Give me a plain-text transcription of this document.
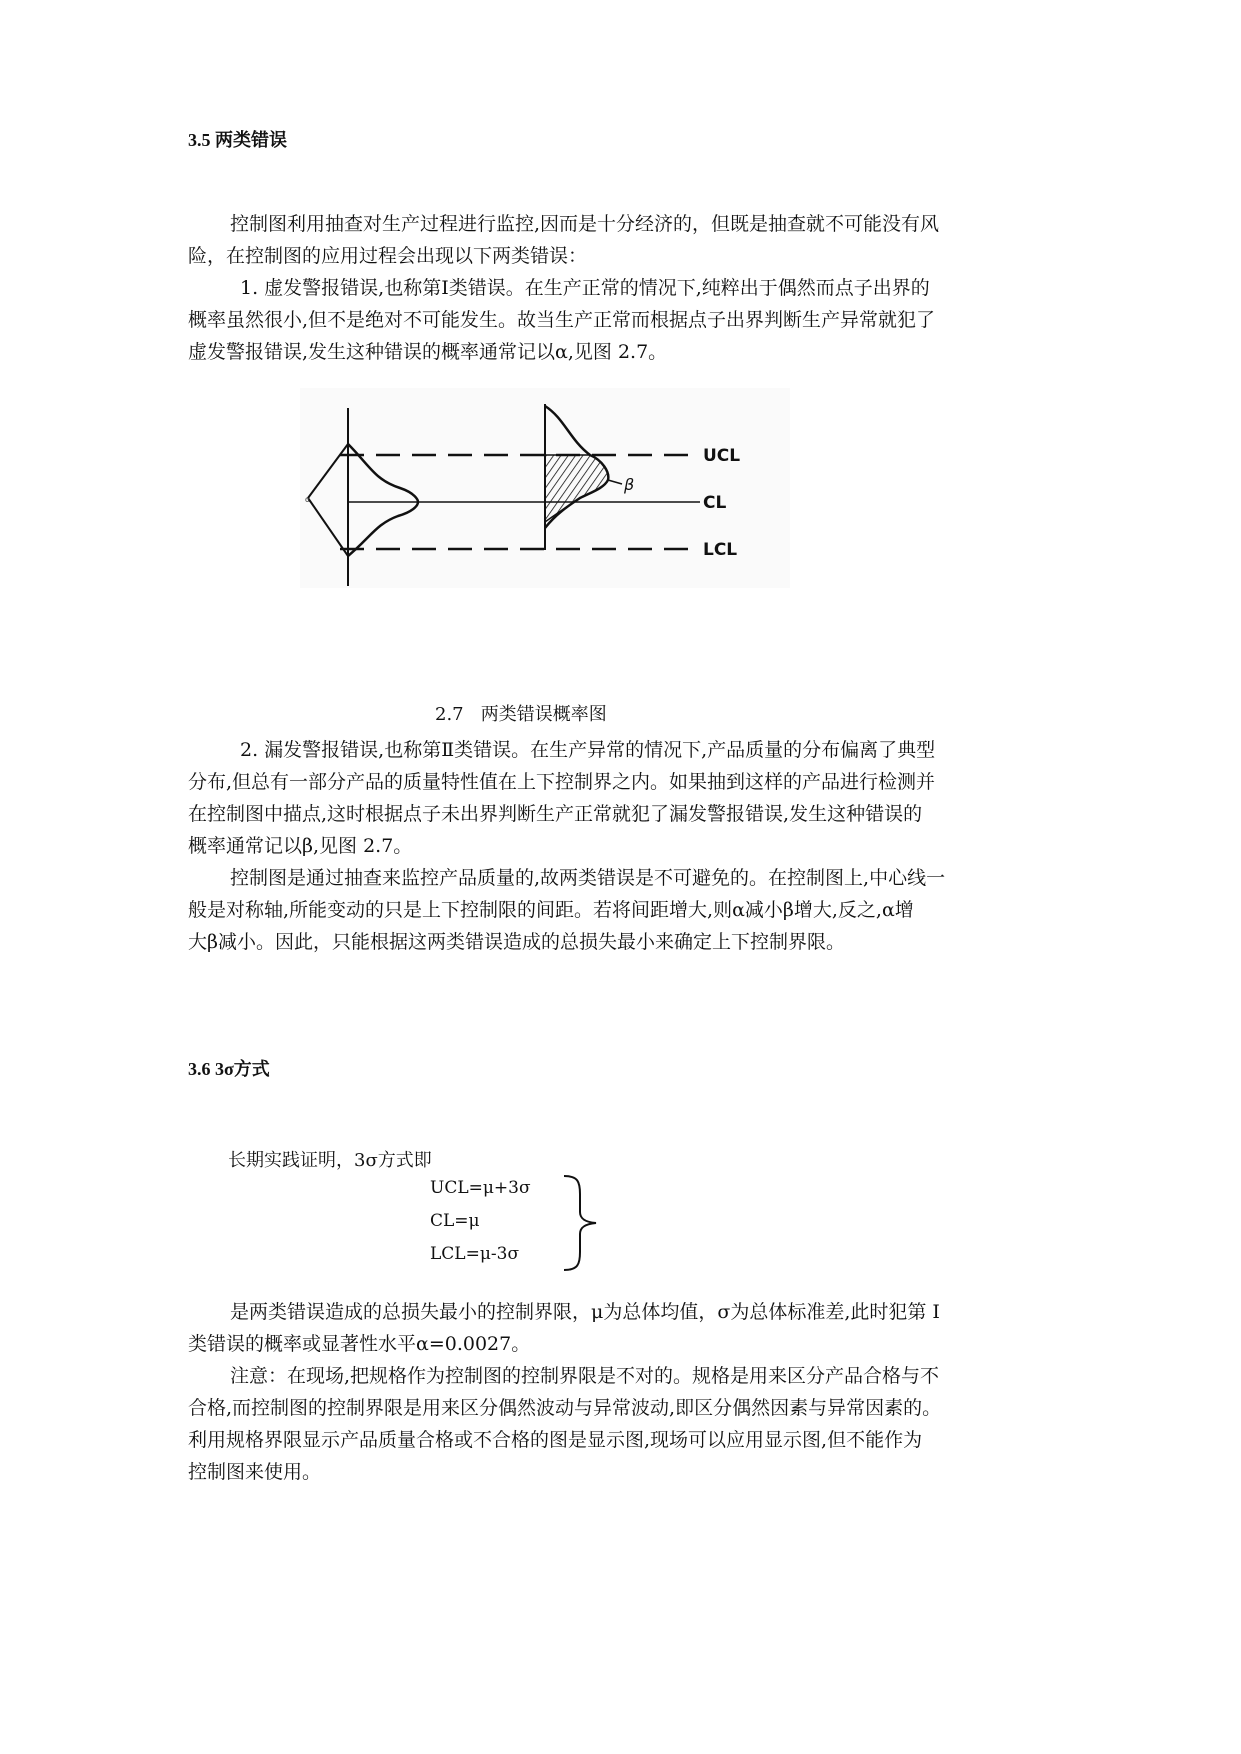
3.5 两类错误

控制图利用抽查对生产过程进行监控,因而是十分经济的，但既是抽查就不可能没有风
险，在控制图的应用过程会出现以下两类错误：
1. 虚发警报错误,也称第Ⅰ类错误。在生产正常的情况下,纯粹出于偶然而点子出界的
概率虽然很小,但不是绝对不可能发生。故当生产正常而根据点子出界判断生产异常就犯了
虚发警报错误,发生这种错误的概率通常记以α,见图 2.7。

α
β
UCL
CL
LCL
2.7   两类错误概率图

2. 漏发警报错误,也称第Ⅱ类错误。在生产异常的情况下,产品质量的分布偏离了典型
分布,但总有一部分产品的质量特性值在上下控制界之内。如果抽到这样的产品进行检测并
在控制图中描点,这时根据点子未出界判断生产正常就犯了漏发警报错误,发生这种错误的
概率通常记以β,见图 2.7。
控制图是通过抽查来监控产品质量的,故两类错误是不可避免的。在控制图上,中心线一
般是对称轴,所能变动的只是上下控制限的间距。若将间距增大,则α减小β增大,反之,α增
大β减小。因此，只能根据这两类错误造成的总损失最小来确定上下控制界限。

3.6 3σ方式
长期实践证明，3σ方式即
UCL=μ+3σ
CL=μ
LCL=μ-3σ

是两类错误造成的总损失最小的控制界限，μ为总体均值，σ为总体标准差,此时犯第 Ⅰ
类错误的概率或显著性水平α=0.0027。
注意：在现场,把规格作为控制图的控制界限是不对的。规格是用来区分产品合格与不
合格,而控制图的控制界限是用来区分偶然波动与异常波动,即区分偶然因素与异常因素的。
利用规格界限显示产品质量合格或不合格的图是显示图,现场可以应用显示图,但不能作为
控制图来使用。
